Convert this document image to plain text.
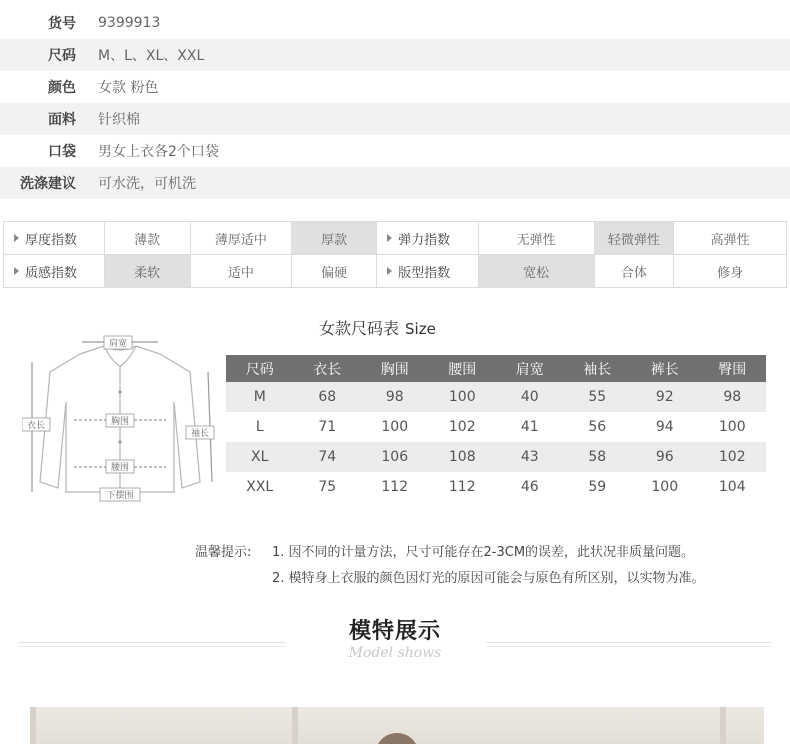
货号	9399913
尺码	M、L、XL、XXL
颜色	女款 粉色
面料	针织棉
口袋	男女上衣各2个口袋
洗涤建议	可水洗，可机洗
厚度指数	薄款	薄厚适中	厚款	弹力指数	无弹性	轻微弹性	高弹性
质感指数	柔软	适中	偏硬	版型指数	宽松	合体	修身
女款尺码表 Size
肩宽
衣长	胸围
袖长
腰围
下摆围
尺码	衣长	胸围	腰围	肩宽	袖长	裤长	臀围
M	68	98	100	40	55	92	98
L	71	100	102	41	56	94	100
XL	74	106	108	43	58	96	102
XXL	75	112	112	46	59	100	104
温馨提示: 1. 因不同的计量方法，尺寸可能存在2-3CM的误差，此状况非质量问题。
2. 模特身上衣服的颜色因灯光的原因可能会与原色有所区别，以实物为准。
模特展示
Model shows
